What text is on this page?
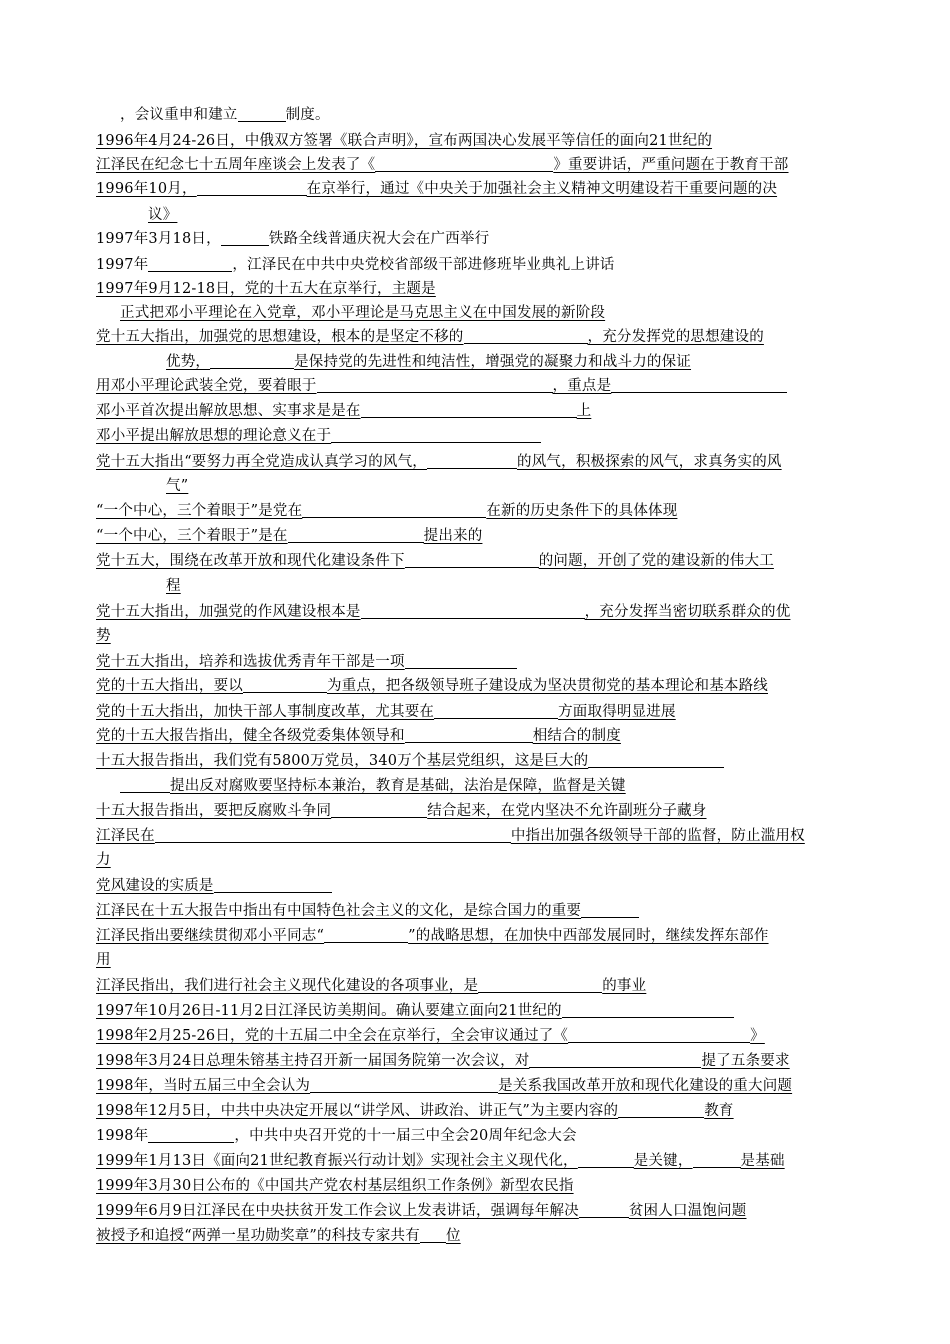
，会议重申和建立	制度。
1996年4月24-26日，中俄双方签署《联合声明》，宣布两国决心发展平等信任的面向21世纪的
江泽民在纪念七十五周年座谈会上发表了《	》重要讲话，严重问题在于教育干部
1996年10月，	在京举行，通过《中央关于加强社会主义精神文明建设若干重要问题的决
议》
1997年3月18日，	铁路全线普通庆祝大会在广西举行
1997年	，江泽民在中共中央党校省部级干部进修班毕业典礼上讲话
1997年9月12-18日，党的十五大在京举行，主题是
正式把邓小平理论在入党章，邓小平理论是马克思主义在中国发展的新阶段
党十五大指出，加强党的思想建设，根本的是坚定不移的	，充分发挥党的思想建设的
优势，	是保持党的先进性和纯洁性，增强党的凝聚力和战斗力的保证
用邓小平理论武装全党，要着眼于	，重点是
邓小平首次提出解放思想、实事求是是在	上
邓小平提出解放思想的理论意义在于
党十五大指出“要努力再全党造成认真学习的风气，	的风气，积极探索的风气，求真务实的风
气”
“一个中心，三个着眼于”是党在	在新的历史条件下的具体体现
“一个中心，三个着眼于”是在	提出来的
党十五大，围绕在改革开放和现代化建设条件下	的问题，开创了党的建设新的伟大工
程
党十五大指出，加强党的作风建设根本是	，充分发挥当密切联系群众的优
势
党十五大指出，培养和选拔优秀青年干部是一项
党的十五大指出，要以	为重点，把各级领导班子建设成为坚决贯彻党的基本理论和基本路线
党的十五大指出，加快干部人事制度改革，尤其要在	方面取得明显进展
党的十五大报告指出，健全各级党委集体领导和	相结合的制度
十五大报告指出，我们党有5800万党员，340万个基层党组织，这是巨大的
提出反对腐败要坚持标本兼治，教育是基础，法治是保障，监督是关键
十五大报告指出，要把反腐败斗争同	结合起来，在党内坚决不允许副班分子藏身
江泽民在	中指出加强各级领导干部的监督，防止滥用权
力
党风建设的实质是
江泽民在十五大报告中指出有中国特色社会主义的文化，是综合国力的重要
江泽民指出要继续贯彻邓小平同志“	”的战略思想，在加快中西部发展同时，继续发挥东部作
用
江泽民指出，我们进行社会主义现代化建设的各项事业，是	的事业
1997年10月26日-11月2日江泽民访美期间。确认要建立面向21世纪的
1998年2月25-26日，党的十五届二中全会在京举行，全会审议通过了《	》
1998年3月24日总理朱镕基主持召开新一届国务院第一次会议，对	提了五条要求
1998年，当时五届三中全会认为	是关系我国改革开放和现代化建设的重大问题
1998年12月5日，中共中央决定开展以“讲学风、讲政治、讲正气”为主要内容的	教育
1998年	，中共中央召开党的十一届三中全会20周年纪念大会
1999年1月13日《面向21世纪教育振兴行动计划》实现社会主义现代化，	是关键，	是基础
1999年3月30日公布的《中国共产党农村基层组织工作条例》新型农民指
1999年6月9日江泽民在中央扶贫开发工作会议上发表讲话，强调每年解决	贫困人口温饱问题
被授予和追授“两弹一星功勋奖章”的科技专家共有 位
